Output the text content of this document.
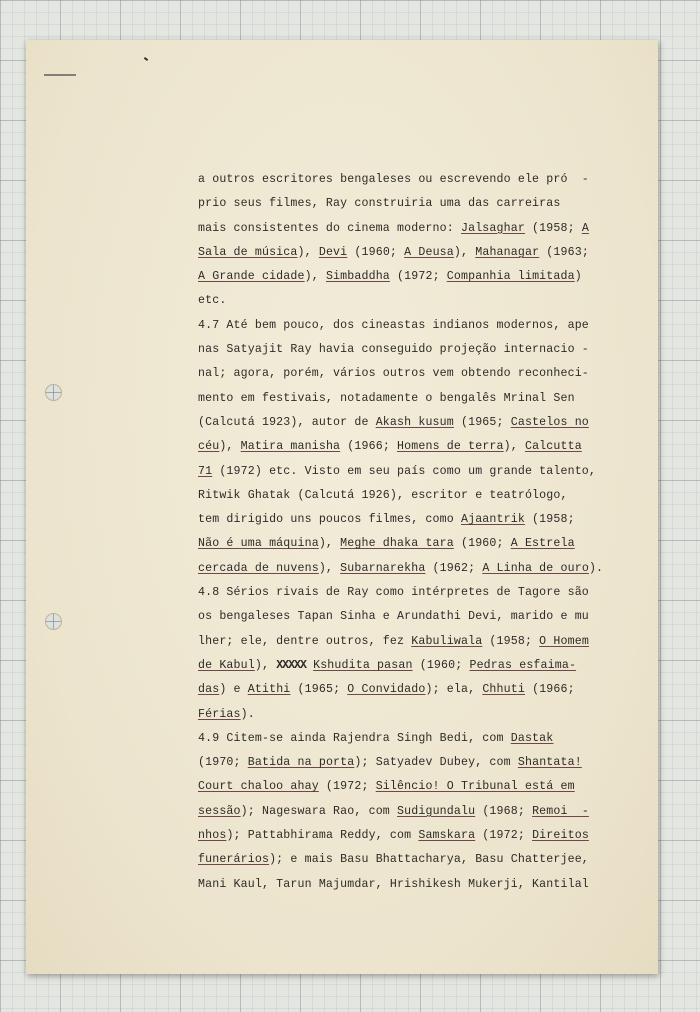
a outros escritores bengaleses ou escrevendo ele pró  -
prio seus filmes, Ray construiria uma das carreiras
mais consistentes do cinema moderno: Jalsaghar (1958; A
Sala de música), Devi (1960; A Deusa), Mahanagar (1963;
A Grande cidade), Simbaddha (1972; Companhia limitada)
etc.
4.7 Até bem pouco, dos cineastas indianos modernos, ape
nas Satyajit Ray havia conseguido projeção internacio -
nal; agora, porém, vários outros vem obtendo reconheci-
mento em festivais, notadamente o bengalês Mrinal Sen
(Calcutá 1923), autor de Akash kusum (1965; Castelos no
céu), Matira manisha (1966; Homens de terra), Calcutta
71 (1972) etc. Visto em seu país como um grande talento,
Ritwik Ghatak (Calcutá 1926), escritor e teatrólogo,
tem dirigido uns poucos filmes, como Ajaantrik (1958;
Não é uma máquina), Meghe dhaka tara (1960; A Estrela
cercada de nuvens), Subarnarekha (1962; A Linha de ouro).
4.8 Sérios rivais de Ray como intérpretes de Tagore são
os bengaleses Tapan Sinha e Arundathi Devi, marido e mu
lher; ele, dentre outros, fez Kabuliwala (1958; O Homem
de Kabul), XXXXX Kshudita pasan (1960; Pedras esfaima-
das) e Atithi (1965; O Convidado); ela, Chhuti (1966;
Férias).
4.9 Citem-se ainda Rajendra Singh Bedi, com Dastak
(1970; Batida na porta); Satyadev Dubey, com Shantata!
Court chaloo ahay (1972; Silêncio! O Tribunal está em
sessão); Nageswara Rao, com Sudigundalu (1968; Remoi  -
nhos); Pattabhirama Reddy, com Samskara (1972; Direitos
funerários); e mais Basu Bhattacharya, Basu Chatterjee,
Mani Kaul, Tarun Majumdar, Hrishikesh Mukerji, Kantilal
